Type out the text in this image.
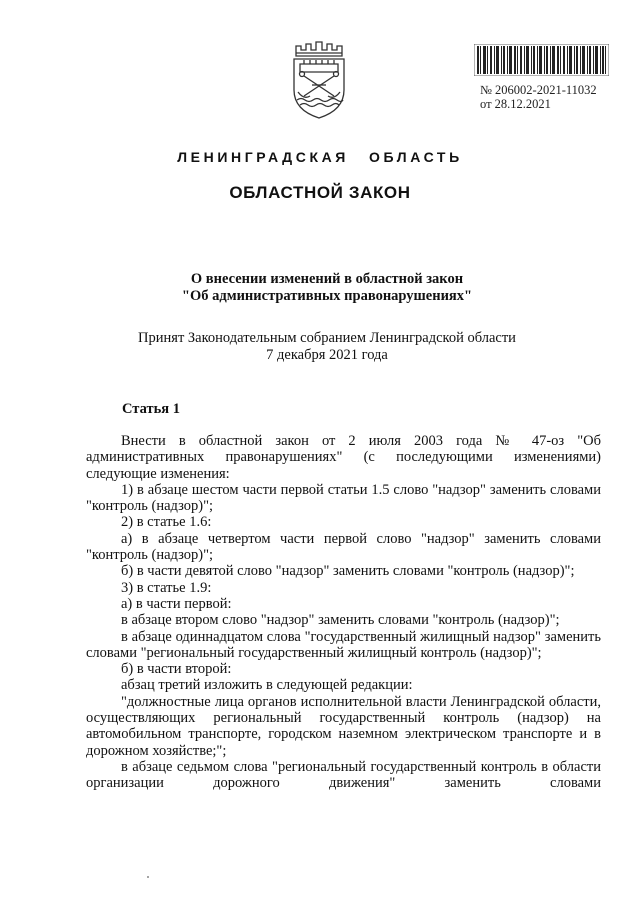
№ 206002-2021-11032
от 28.12.2021
ЛЕНИНГРАДСКАЯ ОБЛАСТЬ
ОБЛАСТНОЙ ЗАКОН
О внесении изменений в областной закон
"Об административных правонарушениях"
Принят Законодательным собранием Ленинградской области
7 декабря 2021 года
Статья 1

Внести в областной закон от 2 июля 2003 года № 47-оз "Об административных правонарушениях" (с последующими изменениями) следующие изменения:

1) в абзаце шестом части первой статьи 1.5 слово "надзор" заменить словами "контроль (надзор)";

2) в статье 1.6:

а) в абзаце четвертом части первой слово "надзор" заменить словами "контроль (надзор)";

б) в части девятой слово "надзор" заменить словами "контроль (надзор)";

3) в статье 1.9:

а) в части первой:

в абзаце втором слово "надзор" заменить словами "контроль (надзор)";

в абзаце одиннадцатом слова "государственный жилищный надзор" заменить словами "региональный государственный жилищный контроль (надзор)";

б) в части второй:

абзац третий изложить в следующей редакции:

"должностные лица органов исполнительной власти Ленинградской области, осуществляющих региональный государственный контроль (надзор) на автомобильном транспорте, городском наземном электрическом транспорте и в дорожном хозяйстве;";

в абзаце седьмом слова "региональный государственный контроль в области организации дорожного движения" заменить словами
